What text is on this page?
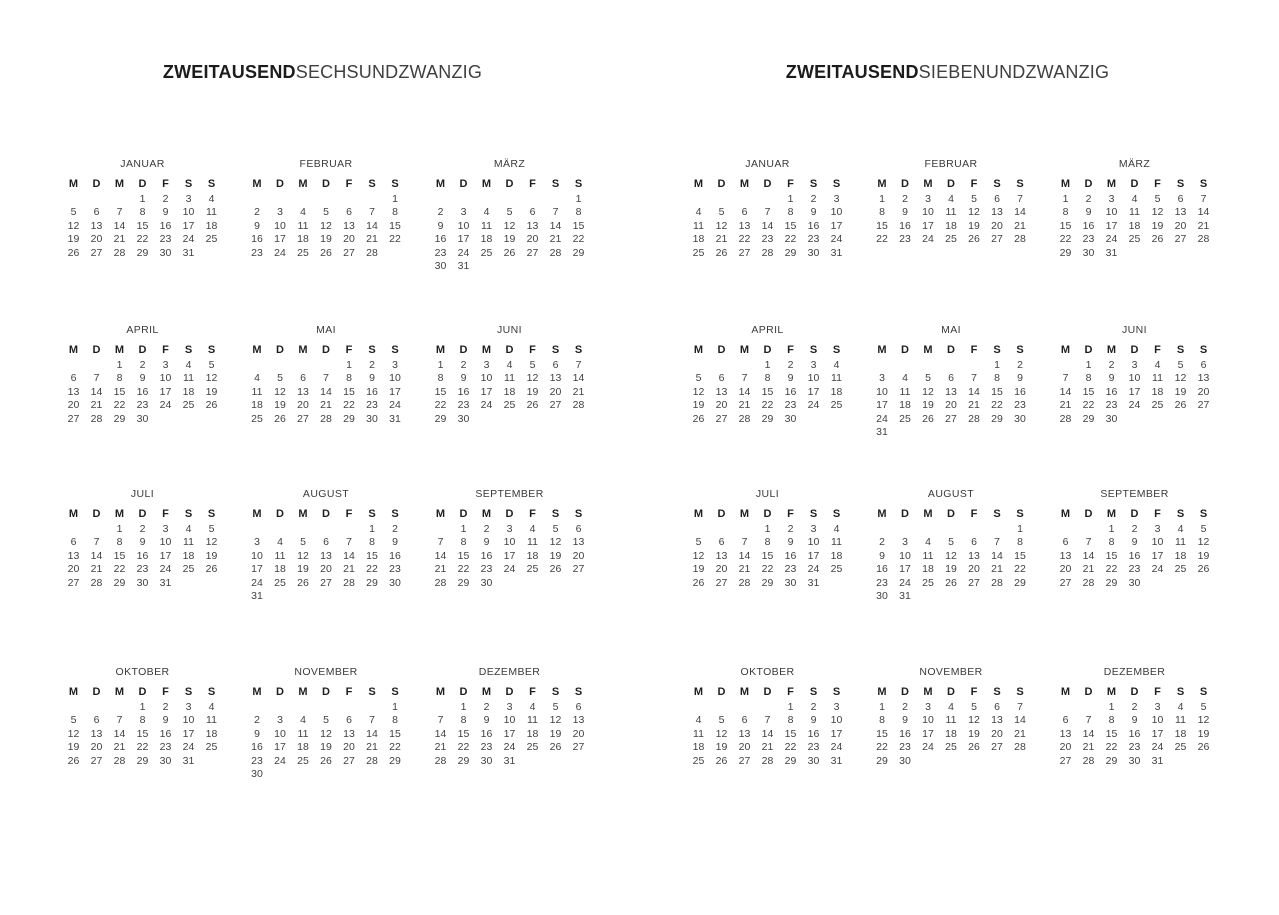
ZWEITAUSENDSECHSUNDZWANZIG
JANUAR
M	D	M	D	F	S	S
			1	2	3	4
5	6	7	8	9	10	11
12	13	14	15	16	17	18
19	20	21	22	23	24	25
26	27	28	29	30	31	
FEBRUAR
M	D	M	D	F	S	S
						1
2	3	4	5	6	7	8
9	10	11	12	13	14	15
16	17	18	19	20	21	22
23	24	25	26	27	28	
MÄRZ
M	D	M	D	F	S	S
						1
2	3	4	5	6	7	8
9	10	11	12	13	14	15
16	17	18	19	20	21	22
23	24	25	26	27	28	29
30	31					
APRIL
M	D	M	D	F	S	S
		1	2	3	4	5
6	7	8	9	10	11	12
13	14	15	16	17	18	19
20	21	22	23	24	25	26
27	28	29	30			
MAI
M	D	M	D	F	S	S
				1	2	3
4	5	6	7	8	9	10
11	12	13	14	15	16	17
18	19	20	21	22	23	24
25	26	27	28	29	30	31
JUNI
M	D	M	D	F	S	S
1	2	3	4	5	6	7
8	9	10	11	12	13	14
15	16	17	18	19	20	21
22	23	24	25	26	27	28
29	30					
JULI
M	D	M	D	F	S	S
		1	2	3	4	5
6	7	8	9	10	11	12
13	14	15	16	17	18	19
20	21	22	23	24	25	26
27	28	29	30	31		
AUGUST
M	D	M	D	F	S	S
					1	2
3	4	5	6	7	8	9
10	11	12	13	14	15	16
17	18	19	20	21	22	23
24	25	26	27	28	29	30
31						
SEPTEMBER
M	D	M	D	F	S	S
	1	2	3	4	5	6
7	8	9	10	11	12	13
14	15	16	17	18	19	20
21	22	23	24	25	26	27
28	29	30				
OKTOBER
M	D	M	D	F	S	S
			1	2	3	4
5	6	7	8	9	10	11
12	13	14	15	16	17	18
19	20	21	22	23	24	25
26	27	28	29	30	31	
NOVEMBER
M	D	M	D	F	S	S
						1
2	3	4	5	6	7	8
9	10	11	12	13	14	15
16	17	18	19	20	21	22
23	24	25	26	27	28	29
30						
DEZEMBER
M	D	M	D	F	S	S
	1	2	3	4	5	6
7	8	9	10	11	12	13
14	15	16	17	18	19	20
21	22	23	24	25	26	27
28	29	30	31			
ZWEITAUSENDSIEBENUNDZWANZIG
JANUAR
M	D	M	D	F	S	S
				1	2	3
4	5	6	7	8	9	10
11	12	13	14	15	16	17
18	21	22	23	22	23	24
25	26	27	28	29	30	31
FEBRUAR
M	D	M	D	F	S	S
1	2	3	4	5	6	7
8	9	10	11	12	13	14
15	16	17	18	19	20	21
22	23	24	25	26	27	28
MÄRZ
M	D	M	D	F	S	S
1	2	3	4	5	6	7
8	9	10	11	12	13	14
15	16	17	18	19	20	21
22	23	24	25	26	27	28
29	30	31				
APRIL
M	D	M	D	F	S	S
			1	2	3	4
5	6	7	8	9	10	11
12	13	14	15	16	17	18
19	20	21	22	23	24	25
26	27	28	29	30		
MAI
M	D	M	D	F	S	S
					1	2
3	4	5	6	7	8	9
10	11	12	13	14	15	16
17	18	19	20	21	22	23
24	25	26	27	28	29	30
31						
JUNI
M	D	M	D	F	S	S
	1	2	3	4	5	6
7	8	9	10	11	12	13
14	15	16	17	18	19	20
21	22	23	24	25	26	27
28	29	30				
JULI
M	D	M	D	F	S	S
			1	2	3	4
5	6	7	8	9	10	11
12	13	14	15	16	17	18
19	20	21	22	23	24	25
26	27	28	29	30	31	
AUGUST
M	D	M	D	F	S	S
						1
2	3	4	5	6	7	8
9	10	11	12	13	14	15
16	17	18	19	20	21	22
23	24	25	26	27	28	29
30	31					
SEPTEMBER
M	D	M	D	F	S	S
		1	2	3	4	5
6	7	8	9	10	11	12
13	14	15	16	17	18	19
20	21	22	23	24	25	26
27	28	29	30			
OKTOBER
M	D	M	D	F	S	S
				1	2	3
4	5	6	7	8	9	10
11	12	13	14	15	16	17
18	19	20	21	22	23	24
25	26	27	28	29	30	31
NOVEMBER
M	D	M	D	F	S	S
1	2	3	4	5	6	7
8	9	10	11	12	13	14
15	16	17	18	19	20	21
22	23	24	25	26	27	28
29	30					
DEZEMBER
M	D	M	D	F	S	S
		1	2	3	4	5
6	7	8	9	10	11	12
13	14	15	16	17	18	19
20	21	22	23	24	25	26
27	28	29	30	31		
